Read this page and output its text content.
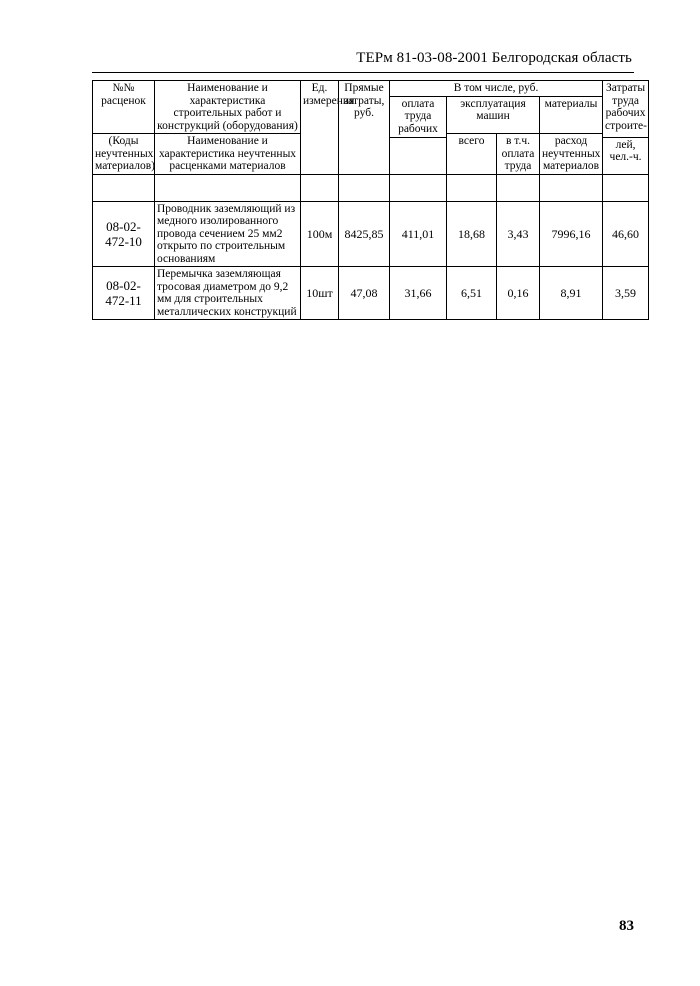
ТЕРм 81-03-08-2001 Белгородская область
№№ расценок	Наименование и характеристика строительных работ и конструкций (оборудования)	Ед. измерения	Прямые затраты, руб.	В том числе, руб.				Затраты труда рабочих строите-
				оплата труда рабочих	эксплуатация машин		материалы	
(Коды неучтенных материалов)	Наименование и характеристика неучтенных расценками материалов				всего	в т.ч. оплата труда	расход неучтенных материалов	
								лей, чел.-ч.

08-02-472-10	Проводник заземляющий из медного изолированного провода сечением 25 мм2 открыто по строительным основаниям	100м	8425,85	411,01	18,68	3,43	7996,16	46,60
08-02-472-11	Перемычка заземляющая тросовая диаметром до 9,2 мм для строительных металлических конструкций	10шт	47,08	31,66	6,51	0,16	8,91	3,59
83
